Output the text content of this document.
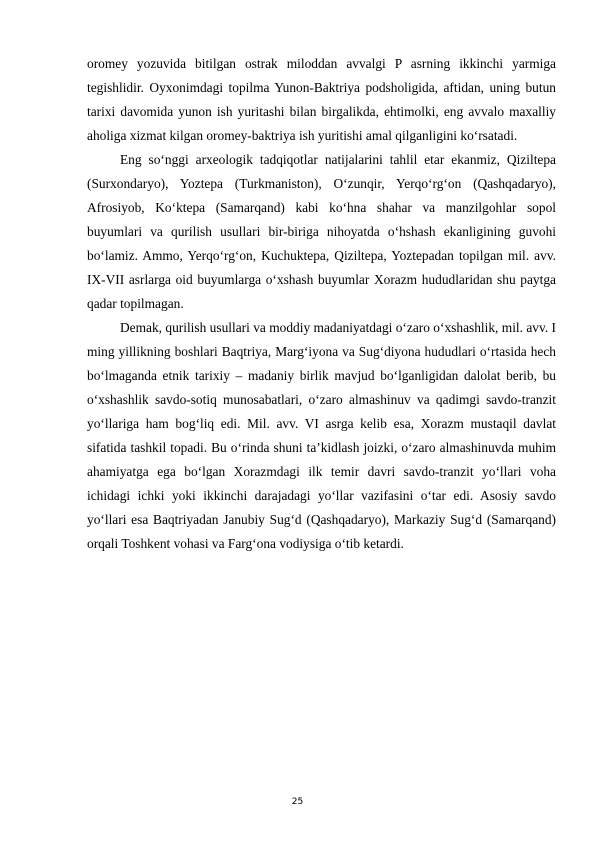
oromey yozuvida bitilgan ostrak miloddan avvalgi P asrning ikkinchi yarmiga tegishlidir. Oyxonimdagi topilma Yunon-Baktriya podsholigida, aftidan, uning butun tarixi davomida yunon ish yuritashi bilan birgalikda, ehtimolki, eng avvalo maxalliy aholiga xizmat kilgan oromey-baktriya ish yuritishi amal qilganligini ko‘rsatadi.

Eng so‘nggi arxeologik tadqiqotlar natijalarini tahlil etar ekanmiz, Qiziltepa (Surxondaryo), Yoztepa (Turkmaniston), O‘zunqir, Yerqo‘rg‘on (Qashqadaryo), Afrosiyob, Ko‘ktepa (Samarqand) kabi ko‘hna shahar va manzilgohlar sopol buyumlari va qurilish usullari bir-biriga nihoyatda o‘hshash ekanligining guvohi bo‘lamiz. Ammo, Yerqo‘rg‘on, Kuchuktepa, Qiziltepa, Yoztepadan topilgan mil. avv. IX-VII asrlarga oid buyumlarga o‘xshash buyumlar Xorazm hududlaridan shu paytga qadar topilmagan.

Demak, qurilish usullari va moddiy madaniyatdagi o‘zaro o‘xshashlik, mil. avv. I ming yillikning boshlari Baqtriya, Marg‘iyona va Sug‘diyona hududlari o‘rtasida hech bo‘lmaganda etnik tarixiy – madaniy birlik mavjud bo‘lganligidan dalolat berib, bu o‘xshashlik savdo-sotiq munosabatlari, o‘zaro almashinuv va qadimgi savdo-tranzit yo‘llariga ham bog‘liq edi. Mil. avv. VI asrga kelib esa, Xorazm mustaqil davlat sifatida tashkil topadi. Bu o‘rinda shuni ta’kidlash joizki, o‘zaro almashinuvda muhim ahamiyatga ega bo‘lgan Xorazmdagi ilk temir davri savdo-tranzit yo‘llari voha ichidagi ichki yoki ikkinchi darajadagi yo‘llar vazifasini o‘tar edi. Asosiy savdo yo‘llari esa Baqtriyadan Janubiy Sug‘d (Qashqadaryo), Markaziy Sug‘d (Samarqand) orqali Toshkent vohasi va Farg‘ona vodiysiga o‘tib ketardi.

25
